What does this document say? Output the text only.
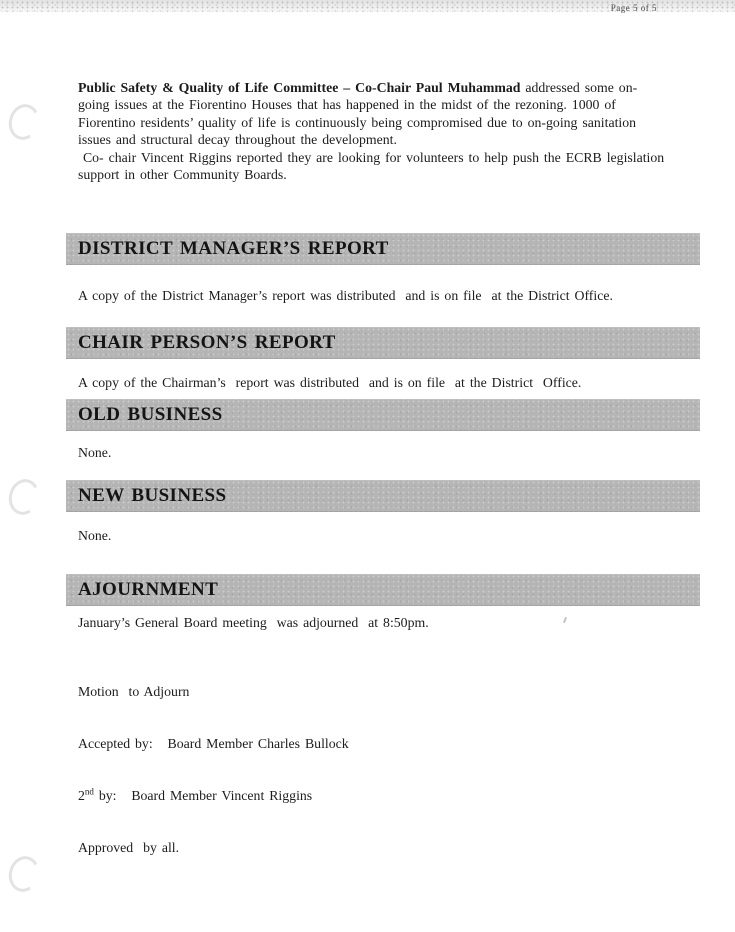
Page 5 of 5
Public Safety & Quality of Life Committee – Co-Chair Paul Muhammad addressed some on-going issues at the Fiorentino Houses that has happened in the midst of the rezoning. 1000 of Fiorentino residents’ quality of life is continuously being compromised due to on-going sanitation issues and structural decay throughout the development.
Co- chair Vincent Riggins reported they are looking for volunteers to help push the ECRB legislation support in other Community Boards.
DISTRICT MANAGER’S REPORT
A copy of the District Manager’s report was distributed  and is on file  at the District Office.
CHAIR PERSON’S REPORT
A copy of the Chairman’s  report was distributed  and is on file  at the District  Office.
OLD BUSINESS
None.
NEW BUSINESS
None.
AJOURNMENT
January’s General Board meeting  was adjourned  at 8:50pm.

Motion  to Adjourn

Accepted by:   Board Member Charles Bullock

2nd by:   Board Member Vincent Riggins

Approved  by all.
